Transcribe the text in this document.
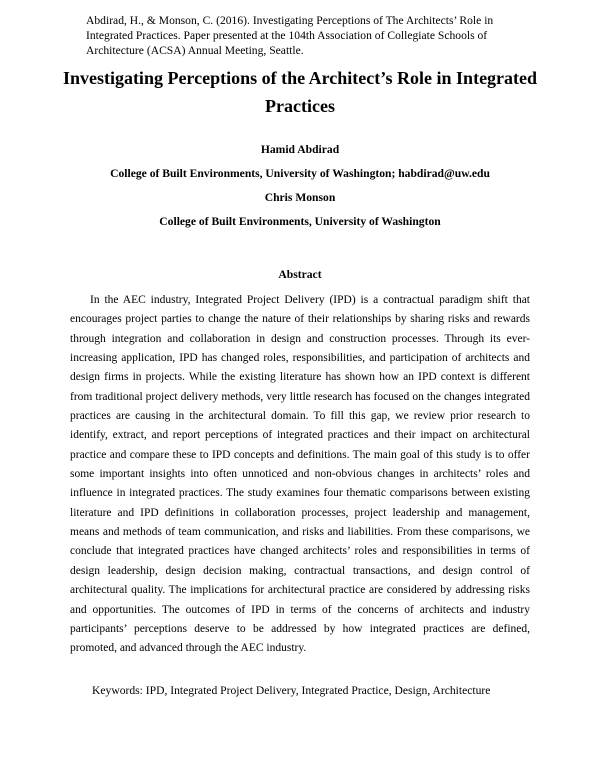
Abdirad, H., & Monson, C. (2016). Investigating Perceptions of The Architects’ Role in Integrated Practices. Paper presented at the 104th Association of Collegiate Schools of Architecture (ACSA) Annual Meeting, Seattle.

Investigating Perceptions of the Architect’s Role in Integrated Practices

Hamid Abdirad

College of Built Environments, University of Washington; habdirad@uw.edu

Chris Monson

College of Built Environments, University of Washington

Abstract

In the AEC industry, Integrated Project Delivery (IPD) is a contractual paradigm shift that encourages project parties to change the nature of their relationships by sharing risks and rewards through integration and collaboration in design and construction processes. Through its ever-increasing application, IPD has changed roles, responsibilities, and participation of architects and design firms in projects. While the existing literature has shown how an IPD context is different from traditional project delivery methods, very little research has focused on the changes integrated practices are causing in the architectural domain. To fill this gap, we review prior research to identify, extract, and report perceptions of integrated practices and their impact on architectural practice and compare these to IPD concepts and definitions. The main goal of this study is to offer some important insights into often unnoticed and non-obvious changes in architects’ roles and influence in integrated practices. The study examines four thematic comparisons between existing literature and IPD definitions in collaboration processes, project leadership and management, means and methods of team communication, and risks and liabilities. From these comparisons, we conclude that integrated practices have changed architects’ roles and responsibilities in terms of design leadership, design decision making, contractual transactions, and design control of architectural quality. The implications for architectural practice are considered by addressing risks and opportunities. The outcomes of IPD in terms of the concerns of architects and industry participants’ perceptions deserve to be addressed by how integrated practices are defined, promoted, and advanced through the AEC industry.

Keywords: IPD, Integrated Project Delivery, Integrated Practice, Design, Architecture
